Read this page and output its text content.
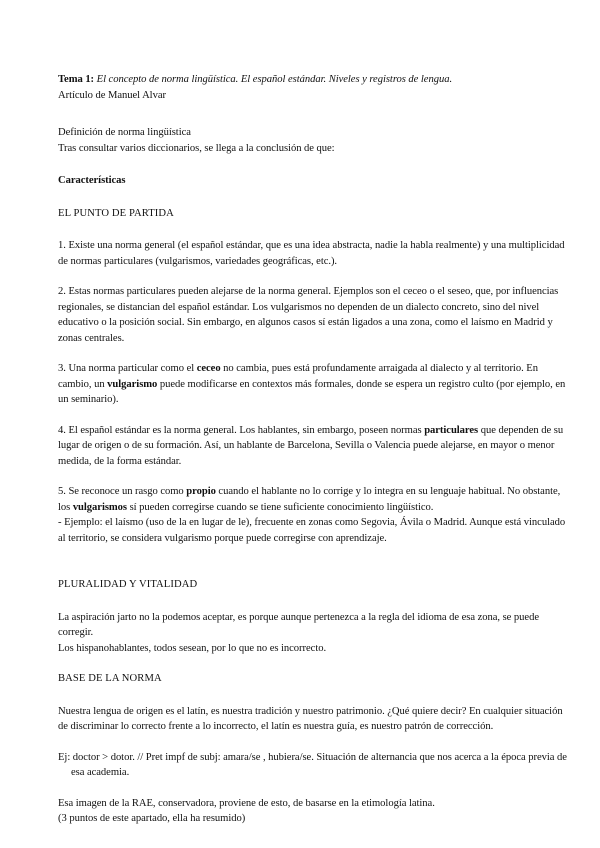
Tema 1: El concepto de norma lingüística. El español estándar. Niveles y registros de lengua.

Artículo de Manuel Alvar

Definición de norma lingüística

Tras consultar varios diccionarios, se llega a la conclusión de que:

Características

EL PUNTO DE PARTIDA

1. Existe una norma general (el español estándar, que es una idea abstracta, nadie la habla realmente) y una multiplicidad de normas particulares (vulgarismos, variedades geográficas, etc.).

2. Estas normas particulares pueden alejarse de la norma general. Ejemplos son el ceceo o el seseo, que, por influencias regionales, se distancian del español estándar. Los vulgarismos no dependen de un dialecto concreto, sino del nivel educativo o la posición social. Sin embargo, en algunos casos sí están ligados a una zona, como el laísmo en Madrid y zonas centrales.

3. Una norma particular como el ceceo no cambia, pues está profundamente arraigada al dialecto y al territorio. En cambio, un vulgarismo puede modificarse en contextos más formales, donde se espera un registro culto (por ejemplo, en un seminario).

4. El español estándar es la norma general. Los hablantes, sin embargo, poseen normas particulares que dependen de su lugar de origen o de su formación. Así, un hablante de Barcelona, Sevilla o Valencia puede alejarse, en mayor o menor medida, de la forma estándar.

5. Se reconoce un rasgo como propio cuando el hablante no lo corrige y lo integra en su lenguaje habitual. No obstante, los vulgarismos sí pueden corregirse cuando se tiene suficiente conocimiento lingüístico.

- Ejemplo: el laísmo (uso de la en lugar de le), frecuente en zonas como Segovia, Ávila o Madrid. Aunque está vinculado al territorio, se considera vulgarismo porque puede corregirse con aprendizaje.

PLURALIDAD Y VITALIDAD

La aspiración jarto no la podemos aceptar, es porque aunque pertenezca a la regla del idioma de esa zona, se puede corregir.

Los hispanohablantes, todos sesean, por lo que no es incorrecto.

BASE DE LA NORMA

Nuestra lengua de origen es el latín, es nuestra tradición y nuestro patrimonio. ¿Qué quiere decir? En cualquier situación de discriminar lo correcto frente a lo incorrecto, el latín es nuestra guía, es nuestro patrón de corrección.

Ej: doctor > dotor. // Pret impf de subj: amara/se , hubiera/se. Situación de alternancia que nos acerca a la época previa de esa academia.

Esa imagen de la RAE, conservadora, proviene de esto, de basarse en la etimología latina.

(3 puntos de este apartado, ella ha resumido)
